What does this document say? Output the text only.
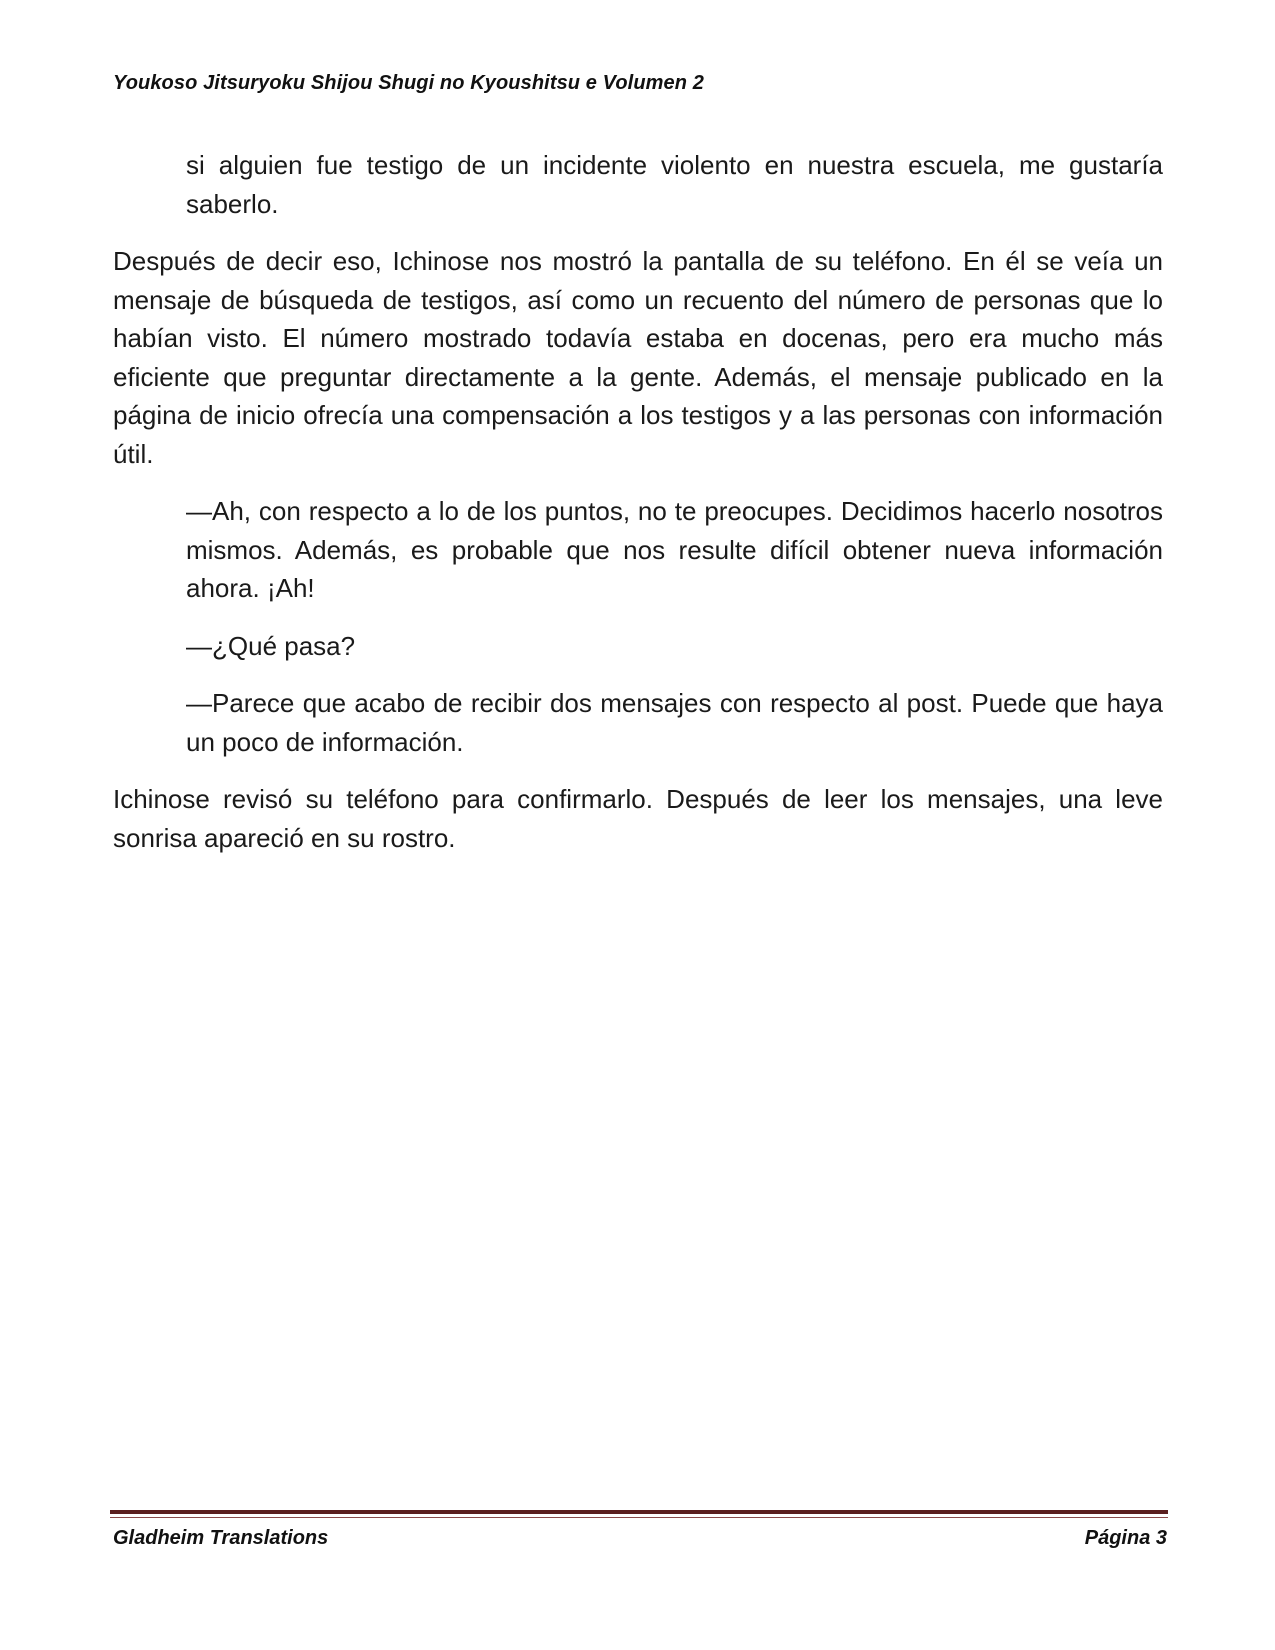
Youkoso Jitsuryoku Shijou Shugi no Kyoushitsu e Volumen 2

si alguien fue testigo de un incidente violento en nuestra escuela, me gustaría saberlo.

Después de decir eso, Ichinose nos mostró la pantalla de su teléfono. En él se veía un mensaje de búsqueda de testigos, así como un recuento del número de personas que lo habían visto. El número mostrado todavía estaba en docenas, pero era mucho más eficiente que preguntar directamente a la gente. Además, el mensaje publicado en la página de inicio ofrecía una compensación a los testigos y a las personas con información útil.

—Ah, con respecto a lo de los puntos, no te preocupes. Decidimos hacerlo nosotros mismos. Además, es probable que nos resulte difícil obtener nueva información ahora. ¡Ah!

—¿Qué pasa?

—Parece que acabo de recibir dos mensajes con respecto al post. Puede que haya un poco de información.

Ichinose revisó su teléfono para confirmarlo. Después de leer los mensajes, una leve sonrisa apareció en su rostro.

Gladheim Translations	Página 3
